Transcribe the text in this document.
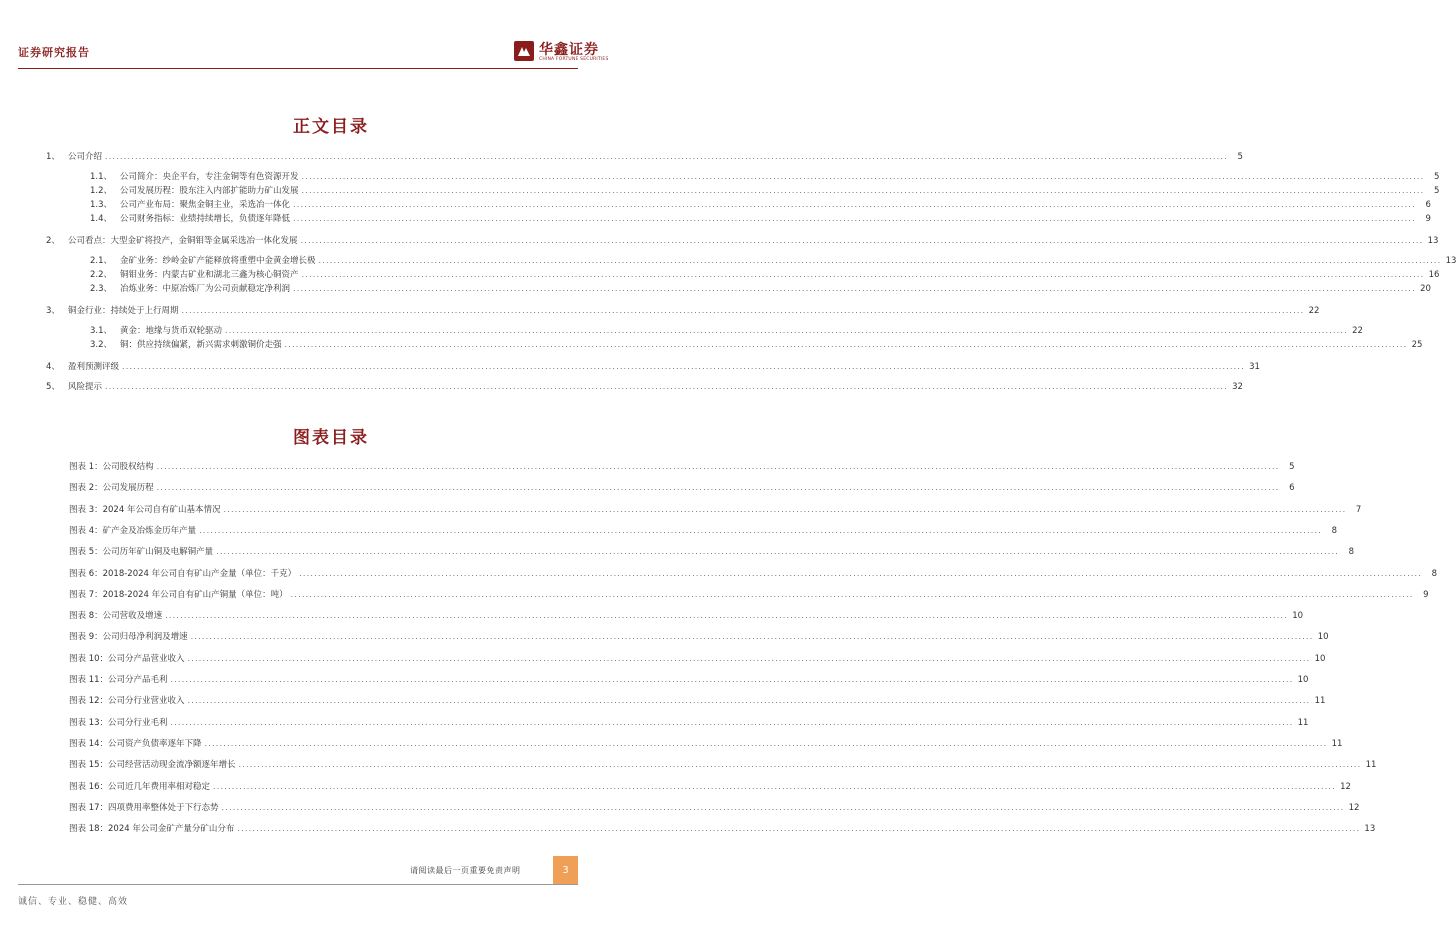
证券研究报告	华鑫证券
CHINA FORTUNE SECURITIES
正文目录
1、 公司介绍 ............................................................................................................................................................................................................................................................................................................	5
1.1、 公司简介：央企平台，专注金铜等有色资源开发 ............................................................................................................................................................................................................................................................................................................	5
1.2、 公司发展历程：股东注入内部扩能助力矿山发展 ............................................................................................................................................................................................................................................................................................................	5
1.3、 公司产业布局：聚焦金铜主业，采选冶一体化 ............................................................................................................................................................................................................................................................................................................	6
1.4、 公司财务指标：业绩持续增长，负债逐年降低 ............................................................................................................................................................................................................................................................................................................	9
2、 公司看点：大型金矿将投产，金铜钼等金属采选冶一体化发展 ............................................................................................................................................................................................................................................................................................................ 13
2.1、 金矿业务：纱岭金矿产能释放将重塑中金黄金增长极 ............................................................................................................................................................................................................................................................................................................ 13
2.2、 铜钼业务：内蒙古矿业和湖北三鑫为核心铜资产 ............................................................................................................................................................................................................................................................................................................ 16
2.3、 冶炼业务：中原冶炼厂为公司贡献稳定净利润 ............................................................................................................................................................................................................................................................................................................ 20
3、 铜金行业：持续处于上行周期 ............................................................................................................................................................................................................................................................................................................ 22
3.1、 黄金：地缘与货币双轮驱动 ............................................................................................................................................................................................................................................................................................................ 22
3.2、 铜：供应持续偏紧，新兴需求刺激铜价走强 ............................................................................................................................................................................................................................................................................................................ 25
4、 盈利预测评级 ............................................................................................................................................................................................................................................................................................................ 31
5、 风险提示 ............................................................................................................................................................................................................................................................................................................ 32
图表目录
图表 1：公司股权结构 ............................................................................................................................................................................................................................................................................................................	5
图表 2：公司发展历程 ............................................................................................................................................................................................................................................................................................................	6
图表 3：2024 年公司自有矿山基本情况 ............................................................................................................................................................................................................................................................................................................	7
图表 4：矿产金及冶炼金历年产量 ............................................................................................................................................................................................................................................................................................................	8
图表 5：公司历年矿山铜及电解铜产量 ............................................................................................................................................................................................................................................................................................................	8
图表 6：2018-2024 年公司自有矿山产金量（单位：千克） ............................................................................................................................................................................................................................................................................................................	8
图表 7：2018-2024 年公司自有矿山产铜量（单位：吨） ............................................................................................................................................................................................................................................................................................................	9
图表 8：公司营收及增速 ............................................................................................................................................................................................................................................................................................................ 10
图表 9：公司归母净利润及增速 ............................................................................................................................................................................................................................................................................................................ 10
图表 10：公司分产品营业收入 ............................................................................................................................................................................................................................................................................................................ 10
图表 11：公司分产品毛利 ............................................................................................................................................................................................................................................................................................................ 10
图表 12：公司分行业营业收入 ............................................................................................................................................................................................................................................................................................................ 11
图表 13：公司分行业毛利 ............................................................................................................................................................................................................................................................................................................ 11
图表 14：公司资产负债率逐年下降 ............................................................................................................................................................................................................................................................................................................ 11
图表 15：公司经营活动现金流净额逐年增长 ............................................................................................................................................................................................................................................................................................................ 11
图表 16：公司近几年费用率相对稳定 ............................................................................................................................................................................................................................................................................................................ 12
图表 17：四项费用率整体处于下行态势 ............................................................................................................................................................................................................................................................................................................ 12
图表 18：2024 年公司金矿产量分矿山分布 ............................................................................................................................................................................................................................................................................................................ 13
请阅读最后一页重要免责声明	3
诚信、专业、稳健、高效
